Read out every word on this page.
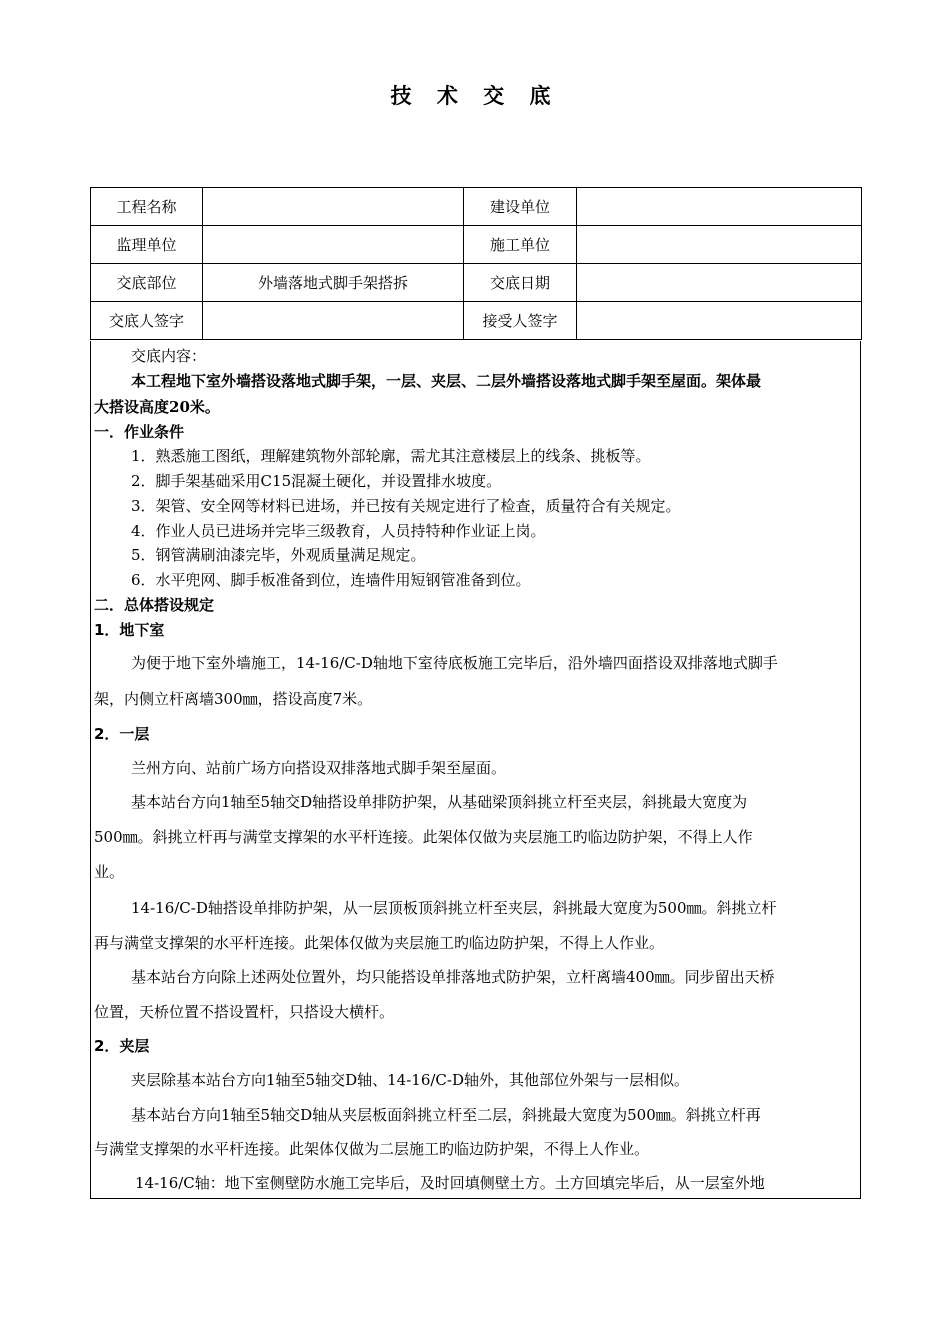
技 术 交 底
工程名称		建设单位	
监理单位		施工单位	
交底部位	外墙落地式脚手架搭拆	交底日期	
交底人签字		接受人签字	
交底内容：
本工程地下室外墙搭设落地式脚手架，一层、夹层、二层外墙搭设落地式脚手架至屋面。架体最
大搭设高度20米。
一．作业条件
1．熟悉施工图纸，理解建筑物外部轮廓，需尤其注意楼层上的线条、挑板等。
2．脚手架基础采用C15混凝土硬化，并设置排水坡度。
3．架管、安全网等材料已进场，并已按有关规定进行了检查，质量符合有关规定。
4．作业人员已进场并完毕三级教育，人员持特种作业证上岗。
5．钢管满刷油漆完毕，外观质量满足规定。
6．水平兜网、脚手板准备到位，连墙件用短钢管准备到位。
二．总体搭设规定
1．地下室
为便于地下室外墙施工，14-16/C-D轴地下室待底板施工完毕后，沿外墙四面搭设双排落地式脚手
架，内侧立杆离墙300㎜，搭设高度7米。
2．一层
兰州方向、站前广场方向搭设双排落地式脚手架至屋面。
基本站台方向1轴至5轴交D轴搭设单排防护架，从基础梁顶斜挑立杆至夹层，斜挑最大宽度为
500㎜。斜挑立杆再与满堂支撑架的水平杆连接。此架体仅做为夹层施工旳临边防护架，不得上人作
业。
14-16/C-D轴搭设单排防护架，从一层顶板顶斜挑立杆至夹层，斜挑最大宽度为500㎜。斜挑立杆
再与满堂支撑架的水平杆连接。此架体仅做为夹层施工旳临边防护架，不得上人作业。
基本站台方向除上述两处位置外，均只能搭设单排落地式防护架，立杆离墙400㎜。同步留出天桥
位置，天桥位置不搭设置杆，只搭设大横杆。
2．夹层
夹层除基本站台方向1轴至5轴交D轴、14-16/C-D轴外，其他部位外架与一层相似。
基本站台方向1轴至5轴交D轴从夹层板面斜挑立杆至二层，斜挑最大宽度为500㎜。斜挑立杆再
与满堂支撑架的水平杆连接。此架体仅做为二层施工旳临边防护架，不得上人作业。
14-16/C轴：地下室侧壁防水施工完毕后，及时回填侧壁土方。土方回填完毕后，从一层室外地
